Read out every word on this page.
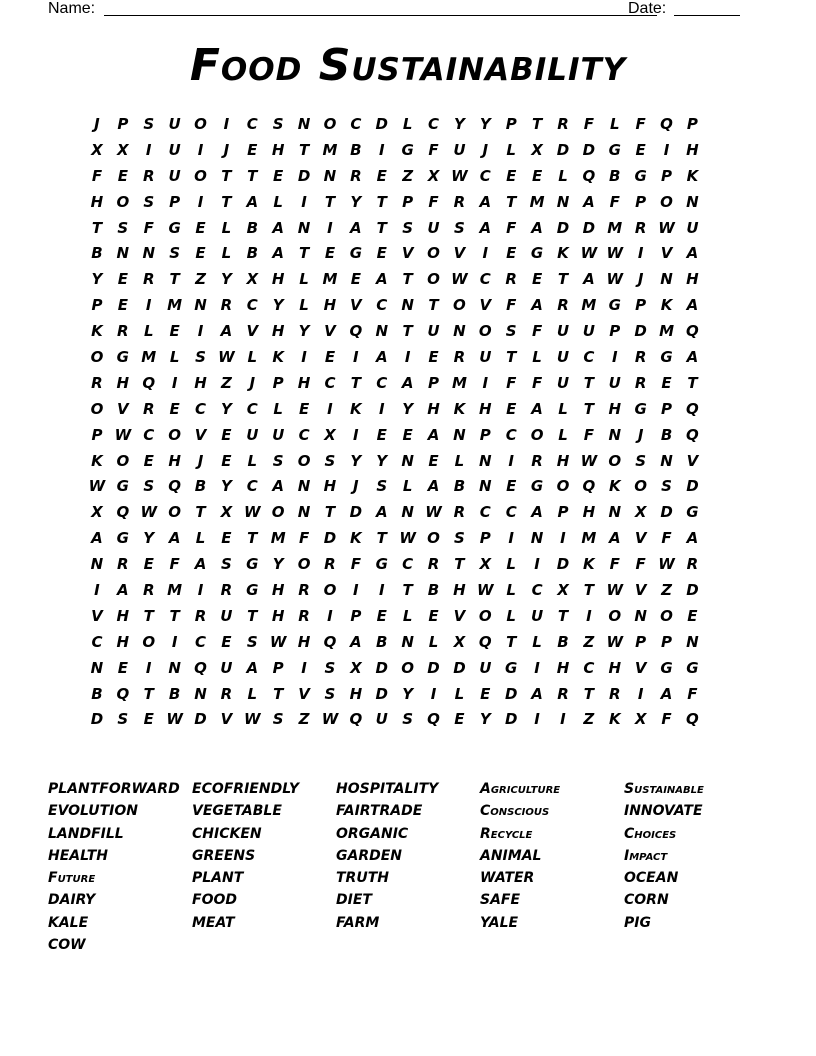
Name:	Date:
Food Sustainability
J	P S U O	I	C S N O C D L	C Y	Y P	T R F	L	F Q P
X X	I	U	I	J	E H T M B	I	G F U	J	L	X D D G E	I	H
F	E R U O T	T	E D N R E	Z X W C	E	E	L Q B G P K
H O S P	I	T A	L	I	T	Y	T	P	F R A T M N A F	P O N
T	S	F G E	L	B A N	I	A T	S U S A F A D D M R W U
B N N S	E	L	B A T	E G E V O V	I	E G K W W I	V A
Y	E R	T	Z	Y X H L M E A T O W C R E	T A W J	N H
P	E	I	M N R C Y	L H V C N T O V F A R M G P K A
K R	L	E	I	A V H Y V Q N T U N O S	F U U P D M Q
O G M L	S W L	K	I	E	I	A	I	E R U T	L	U C	I	R G A
R H Q	I	H Z	J	P H C	T	C A P M	I	F	F U T U R E	T
O V R E	C Y C	L	E	I	K	I	Y H K H E A	L	T H G P Q
P W C O V E U U C X	I	E	E A N P C O L	F N	J	B Q
K O E H	J	E	L	S O S	Y	Y N E	L N	I	R H W O S N V
W G S Q B Y C A N H	J	S	L	A B N E G O Q K O S D
X Q W O T X W O N T D A N W R C C A P H N X D G
A G Y A	L	E	T M F D K T W O S P	I	N	I	M A V F A
N R E	F A S G Y O R F G C R	T X	L	I	D K F	F W R
I	A R M	I	R G H R O	I	I	T	B H W L	C X T W V Z D
V H T	T R U T H R	I	P	E	L	E V O L	U T	I	O N O E
C H O	I	C	E	S W H Q A B N L	X Q T	L	B Z W P P N
N E	I	N Q U A P	I	S X D O D D U G	I	H C H V G G
B Q T	B N R	L	T V S H D Y	I	L	E D A R	T R	I	A F
D S	E W D V W S	Z W Q U S Q E	Y D	I	I	Z K X F Q
PLANTFORWARD ECOFRIENDLY	HOSPITALITY	Agriculture	Sustainable
EVOLUTION	VEGETABLE	FAIRTRADE	Conscious	INNOVATE
LANDFILL	CHICKEN	ORGANIC	Recycle	Choices
HEALTH	GREENS	GARDEN	ANIMAL	Impact
Future	PLANT	TRUTH	WATER	OCEAN
DAIRY	FOOD	DIET	SAFE	CORN
KALE	MEAT	FARM	YALE	PIG
COW
